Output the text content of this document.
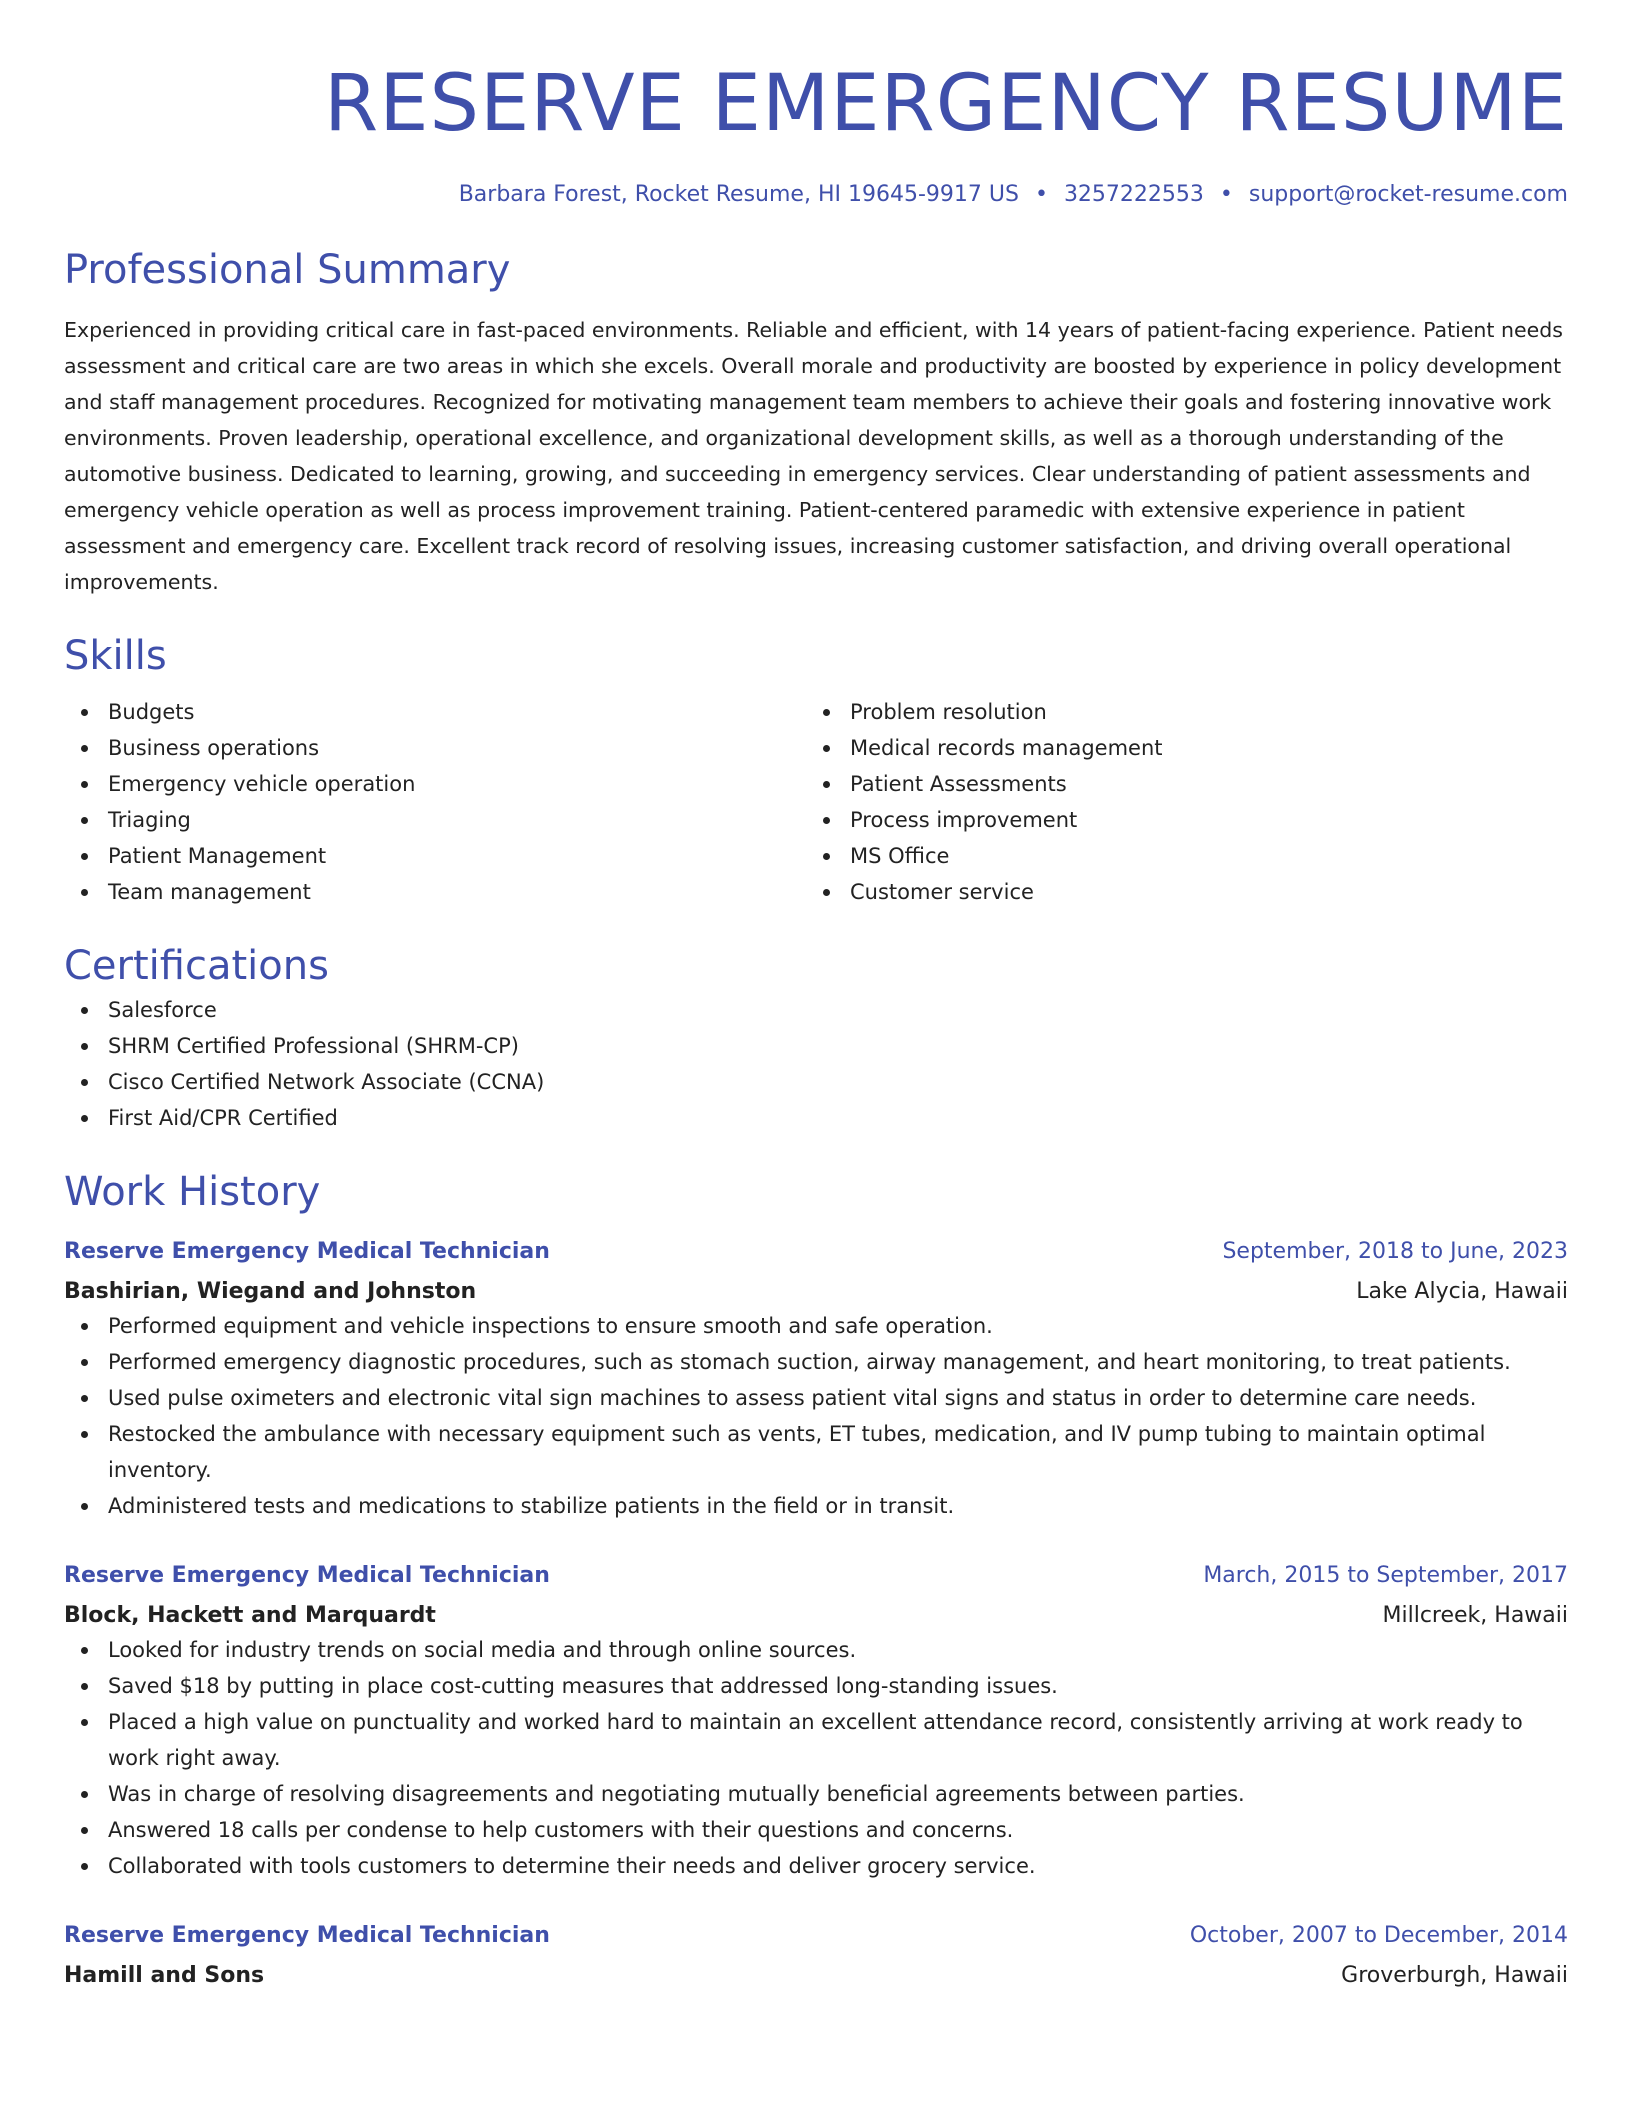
RESERVE EMERGENCY RESUME
Barbara Forest, Rocket Resume, HI 19645-9917 US • 3257222553 • support@rocket-resume.com
Professional Summary
Experienced in providing critical care in fast-paced environments. Reliable and efficient, with 14 years of patient-facing experience. Patient needs assessment and critical care are two areas in which she excels. Overall morale and productivity are boosted by experience in policy development and staff management procedures. Recognized for motivating management team members to achieve their goals and fostering innovative work environments. Proven leadership, operational excellence, and organizational development skills, as well as a thorough understanding of the automotive business. Dedicated to learning, growing, and succeeding in emergency services. Clear understanding of patient assessments and emergency vehicle operation as well as process improvement training. Patient-centered paramedic with extensive experience in patient assessment and emergency care. Excellent track record of resolving issues, increasing customer satisfaction, and driving overall operational improvements.
Skills
Budgets
Business operations
Emergency vehicle operation
Triaging
Patient Management
Team management
Problem resolution
Medical records management
Patient Assessments
Process improvement
MS Office
Customer service
Certifications
Salesforce
SHRM Certified Professional (SHRM-CP)
Cisco Certified Network Associate (CCNA)
First Aid/CPR Certified
Work History
Reserve Emergency Medical Technician	September, 2018 to June, 2023
Bashirian, Wiegand and Johnston	Lake Alycia, Hawaii
Performed equipment and vehicle inspections to ensure smooth and safe operation.
Performed emergency diagnostic procedures, such as stomach suction, airway management, and heart monitoring, to treat patients.
Used pulse oximeters and electronic vital sign machines to assess patient vital signs and status in order to determine care needs.
Restocked the ambulance with necessary equipment such as vents, ET tubes, medication, and IV pump tubing to maintain optimal inventory.
Administered tests and medications to stabilize patients in the field or in transit.
Reserve Emergency Medical Technician	March, 2015 to September, 2017
Block, Hackett and Marquardt	Millcreek, Hawaii
Looked for industry trends on social media and through online sources.
Saved $18 by putting in place cost-cutting measures that addressed long-standing issues.
Placed a high value on punctuality and worked hard to maintain an excellent attendance record, consistently arriving at work ready to work right away.
Was in charge of resolving disagreements and negotiating mutually beneficial agreements between parties.
Answered 18 calls per condense to help customers with their questions and concerns.
Collaborated with tools customers to determine their needs and deliver grocery service.
Reserve Emergency Medical Technician	October, 2007 to December, 2014
Hamill and Sons	Groverburgh, Hawaii
